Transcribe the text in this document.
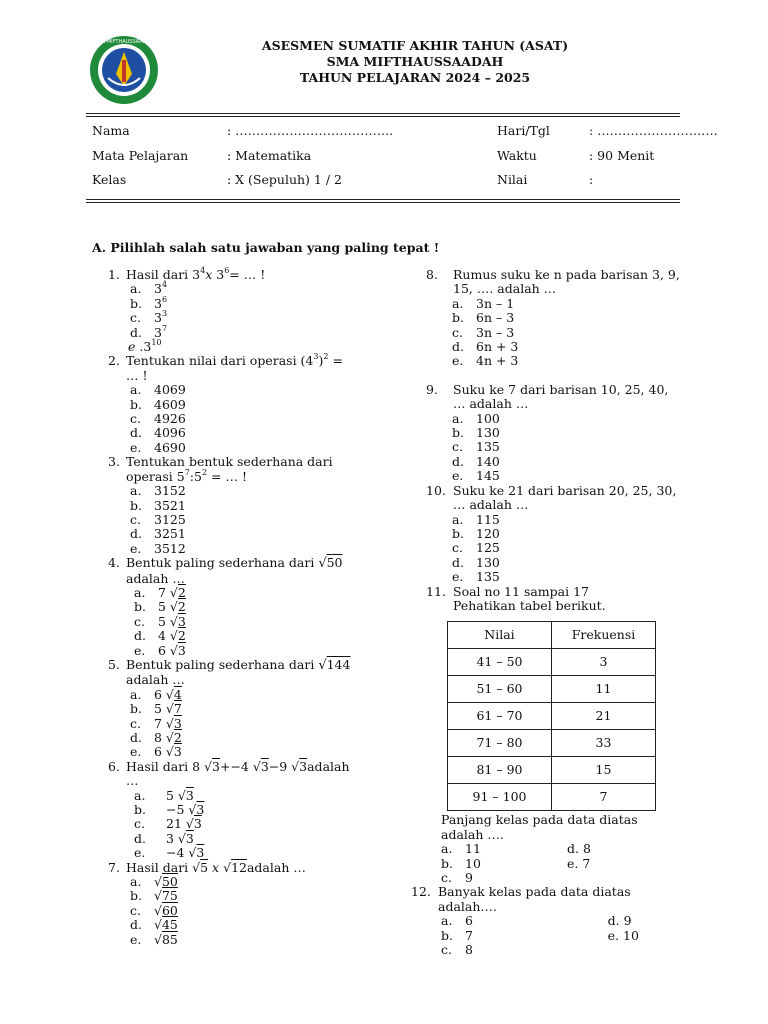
SMA MIFTHAUSSAADAH	ASESMEN SUMATIF AKHIR TAHUN (ASAT)
SMA MIFTHAUSSAADAH
TAHUN PELAJARAN 2024 – 2025
Nama	: ………………………………..
Mata Pelajaran	: Matematika
Kelas	: X (Sepuluh) 1 / 2
Hari/Tgl	: …………………….….
Waktu	: 90 Menit
Nilai	:
A. Pilihlah salah satu jawaban yang paling tepat !
1. Hasil dari $3^4x$ $3^6=$ … !
a. $3^4$
b. $3^6$
c. $3^3$
d. $3^7$
e $.3^{10}$
2. Tentukan nilai dari operasi $(4^3)^2$ =
… !
a. 4069
b. 4609
c. 4926
d. 4096
e. 4690
3. Tentukan bentuk sederhana dari
operasi $5^7:5^2$ = … !
a. 3152
b. 3521
c. 3125
d. 3251
e. 3512
4. Bentuk paling sederhana dari √50
adalah …
a. 7 √2
b. 5 √2
c. 5 √3
d. 4 √2
e. 6 √3
5. Bentuk paling sederhana dari √144
adalah …
a. 6 √4
b. 5 √7
c. 7 √3
d. 8 √2
e. 6 √3
6. Hasil dari 8 √3+−4 √3−9 √3adalah
…
a. 5 √3
b. −5 √3
c. 21 √3
d. 3 √3
e. −4 √3
7. Hasil dari √5 x √12adalah …
a. √50
b. √75
c. √60
d. √45
e. √85
8. Rumus suku ke n pada barisan 3, 9,
15, …. adalah …
a. 3n – 1
b. 6n – 3
c. 3n – 3
d. 6n + 3
e. 4n + 3
9. Suku ke 7 dari barisan 10, 25, 40,
… adalah …
a. 100
b. 130
c. 135
d. 140
e. 145
10. Suku ke 21 dari barisan 20, 25, 30,
… adalah …
a. 115
b. 120
c. 125
d. 130
e. 135
11. Soal no 11 sampai 17
Pehatikan tabel berikut.
Nilai	Frekuensi
41 – 50	3
51 – 60	11
61 – 70	21
71 – 80	33
81 – 90	15
91 – 100	7
Panjang kelas pada data diatas
adalah ….
a. 11	d. 8
b. 10	e. 7
c. 9
12. Banyak kelas pada data diatas
adalah….
a. 6	d. 9
b. 7	e. 10
c. 8
